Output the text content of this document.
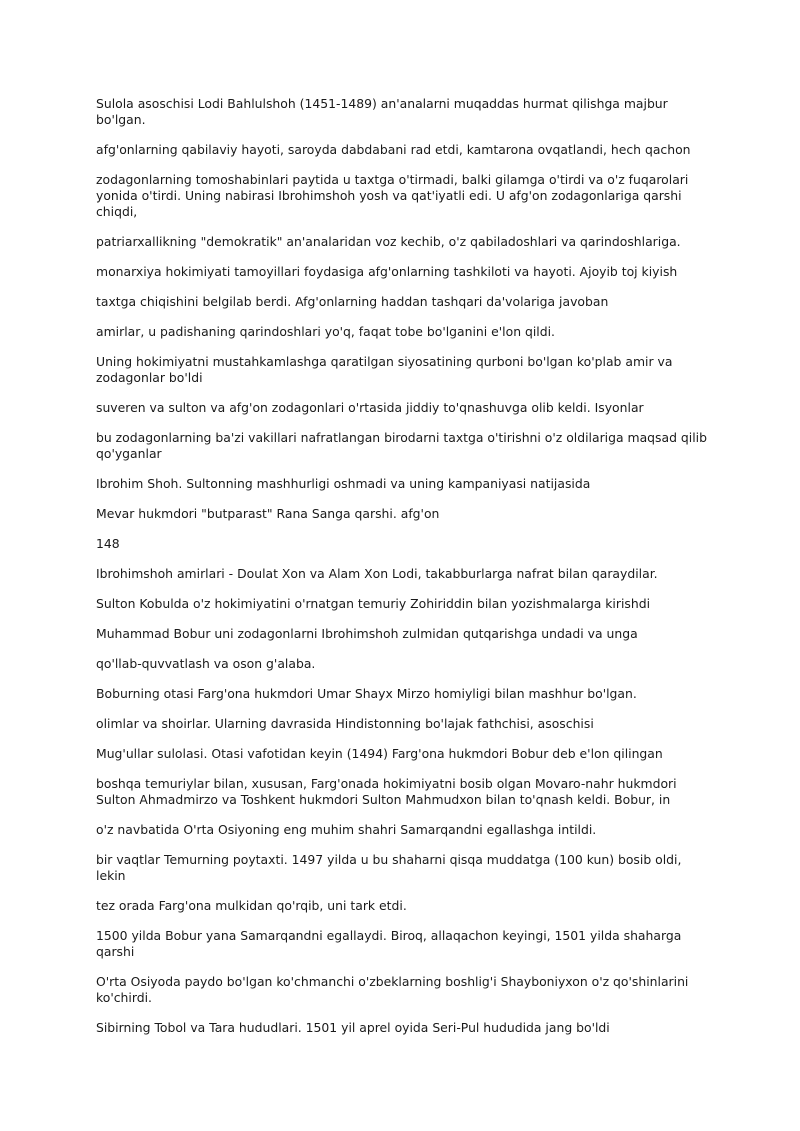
Sulola asoschisi Lodi Bahlulshoh (1451-1489) an'analarni muqaddas hurmat qilishga majbur bo'lgan.

afg'onlarning qabilaviy hayoti, saroyda dabdabani rad etdi, kamtarona ovqatlandi, hech qachon

zodagonlarning tomoshabinlari paytida u taxtga o'tirmadi, balki gilamga o'tirdi va o'z fuqarolari yonida o'tirdi. Uning nabirasi Ibrohimshoh yosh va qat'iyatli edi. U afg'on zodagonlariga qarshi chiqdi,

patriarxallikning "demokratik" an'analaridan voz kechib, o'z qabiladoshlari va qarindoshlariga.

monarxiya hokimiyati tamoyillari foydasiga afg'onlarning tashkiloti va hayoti. Ajoyib toj kiyish

taxtga chiqishini belgilab berdi. Afg'onlarning haddan tashqari da'volariga javoban

amirlar, u padishaning qarindoshlari yo'q, faqat tobe bo'lganini e'lon qildi.

Uning hokimiyatni mustahkamlashga qaratilgan siyosatining qurboni bo'lgan ko'plab amir va zodagonlar bo'ldi

suveren va sulton va afg'on zodagonlari o'rtasida jiddiy to'qnashuvga olib keldi. Isyonlar

bu zodagonlarning ba'zi vakillari nafratlangan birodarni taxtga o'tirishni o'z oldilariga maqsad qilib qo'yganlar

Ibrohim Shoh. Sultonning mashhurligi oshmadi va uning kampaniyasi natijasida

Mevar hukmdori "butparast" Rana Sanga qarshi. afg'on

148

Ibrohimshoh amirlari - Doulat Xon va Alam Xon Lodi, takabburlarga nafrat bilan qaraydilar.

Sulton Kobulda o'z hokimiyatini o'rnatgan temuriy Zohiriddin bilan yozishmalarga kirishdi

Muhammad Bobur uni zodagonlarni Ibrohimshoh zulmidan qutqarishga undadi va unga

qo'llab-quvvatlash va oson g'alaba.

Boburning otasi Farg'ona hukmdori Umar Shayx Mirzo homiyligi bilan mashhur bo'lgan.

olimlar va shoirlar. Ularning davrasida Hindistonning bo'lajak fathchisi, asoschisi

Mug'ullar sulolasi. Otasi vafotidan keyin (1494) Farg'ona hukmdori Bobur deb e'lon qilingan

boshqa temuriylar bilan, xususan, Farg'onada hokimiyatni bosib olgan Movaro-nahr hukmdori Sulton Ahmadmirzo va Toshkent hukmdori Sulton Mahmudxon bilan to'qnash keldi. Bobur, in

o'z navbatida O'rta Osiyoning eng muhim shahri Samarqandni egallashga intildi.

bir vaqtlar Temurning poytaxti. 1497 yilda u bu shaharni qisqa muddatga (100 kun) bosib oldi, lekin

tez orada Farg'ona mulkidan qo'rqib, uni tark etdi.

1500 yilda Bobur yana Samarqandni egallaydi. Biroq, allaqachon keyingi, 1501 yilda shaharga qarshi

O'rta Osiyoda paydo bo'lgan ko'chmanchi o'zbeklarning boshlig'i Shayboniyxon o'z qo'shinlarini ko'chirdi.

Sibirning Tobol va Tara hududlari. 1501 yil aprel oyida Seri-Pul hududida jang bo'ldi
